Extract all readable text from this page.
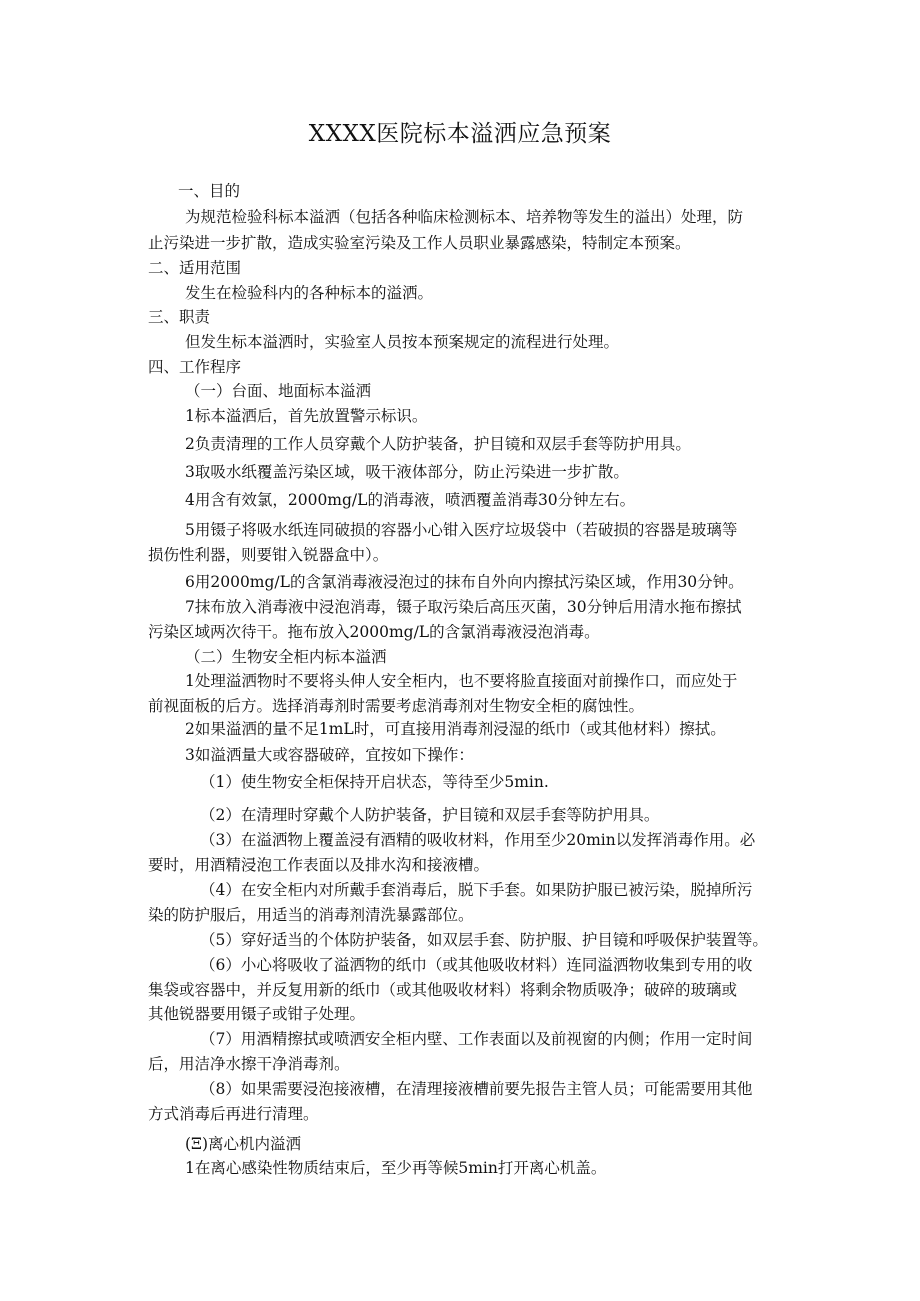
XXXX医院标本溢洒应急预案
一、目的
为规范检验科标本溢洒（包括各种临床检测标本、培养物等发生的溢出）处理，防
止污染进一步扩散，造成实验室污染及工作人员职业暴露感染，特制定本预案。
二、适用范围
发生在检验科内的各种标本的溢洒。
三、职责
但发生标本溢洒时，实验室人员按本预案规定的流程进行处理。
四、工作程序
（一）台面、地面标本溢洒
1标本溢洒后，首先放置警示标识。
2负责清理的工作人员穿戴个人防护装备，护目镜和双层手套等防护用具。
3取吸水纸覆盖污染区域，吸干液体部分，防止污染进一步扩散。
4用含有效氯，2000mg/L的消毒液，喷洒覆盖消毒30分钟左右。
5用镊子将吸水纸连同破损的容器小心钳入医疗垃圾袋中（若破损的容器是玻璃等
损伤性利器，则要钳入锐器盒中）。
6用2000mg∕L的含氯消毒液浸泡过的抹布自外向内擦拭污染区域，作用30分钟。
7抹布放入消毒液中浸泡消毒，镊子取污染后高压灭菌，30分钟后用清水拖布擦拭
污染区域两次待干。拖布放入2000mg∕L的含氯消毒液浸泡消毒。
（二）生物安全柜内标本溢洒
1处理溢洒物时不要将头伸人安全柜内，也不要将脸直接面对前操作口，而应处于
前视面板的后方。选择消毒剂时需要考虑消毒剂对生物安全柜的腐蚀性。
2如果溢洒的量不足1mL时，可直接用消毒剂浸湿的纸巾（或其他材料）擦拭。
3如溢洒量大或容器破碎，宜按如下操作：
（1）使生物安全柜保持开启状态，等待至少5min.
（2）在清理时穿戴个人防护装备，护目镜和双层手套等防护用具。
（3）在溢洒物上覆盖浸有酒精的吸收材料，作用至少20min以发挥消毒作用。必
要时，用酒精浸泡工作表面以及排水沟和接液槽。
（4）在安全柜内对所戴手套消毒后，脱下手套。如果防护服已被污染，脱掉所污
染的防护服后，用适当的消毒剂清洗暴露部位。
（5）穿好适当的个体防护装备，如双层手套、防护服、护目镜和呼吸保护装置等。
（6）小心将吸收了溢洒物的纸巾（或其他吸收材料）连同溢洒物收集到专用的收
集袋或容器中，并反复用新的纸巾（或其他吸收材料）将剩余物质吸净；破碎的玻璃或
其他锐器要用镊子或钳子处理。
（7）用酒精擦拭或喷洒安全柜内壁、工作表面以及前视窗的内侧；作用一定时间
后，用洁净水擦干净消毒剂。
（8）如果需要浸泡接液槽，在清理接液槽前要先报告主管人员；可能需要用其他
方式消毒后再进行清理。
(Ξ)离心机内溢洒
1在离心感染性物质结束后，至少再等候5min打开离心机盖。
